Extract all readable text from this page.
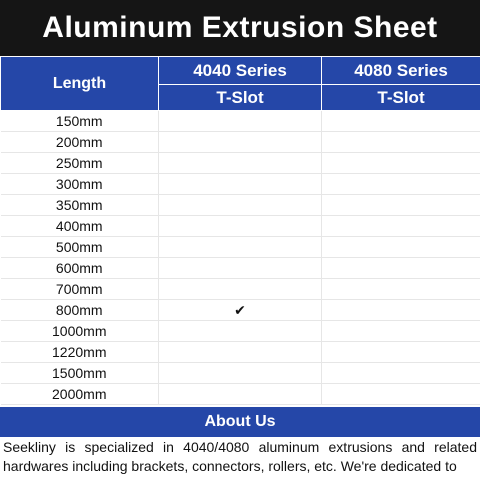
Aluminum Extrusion Sheet
Length	4040 Series	4080 Series
	T-Slot	T-Slot
150mm		
200mm		
250mm		
300mm		
350mm		
400mm		
500mm		
600mm		
700mm		
800mm	✔	
1000mm		
1220mm		
1500mm		
2000mm		
About Us
Seekliny is specialized in 4040/4080 aluminum extrusions and related hardwares including brackets, connectors, rollers, etc. We're dedicated to
